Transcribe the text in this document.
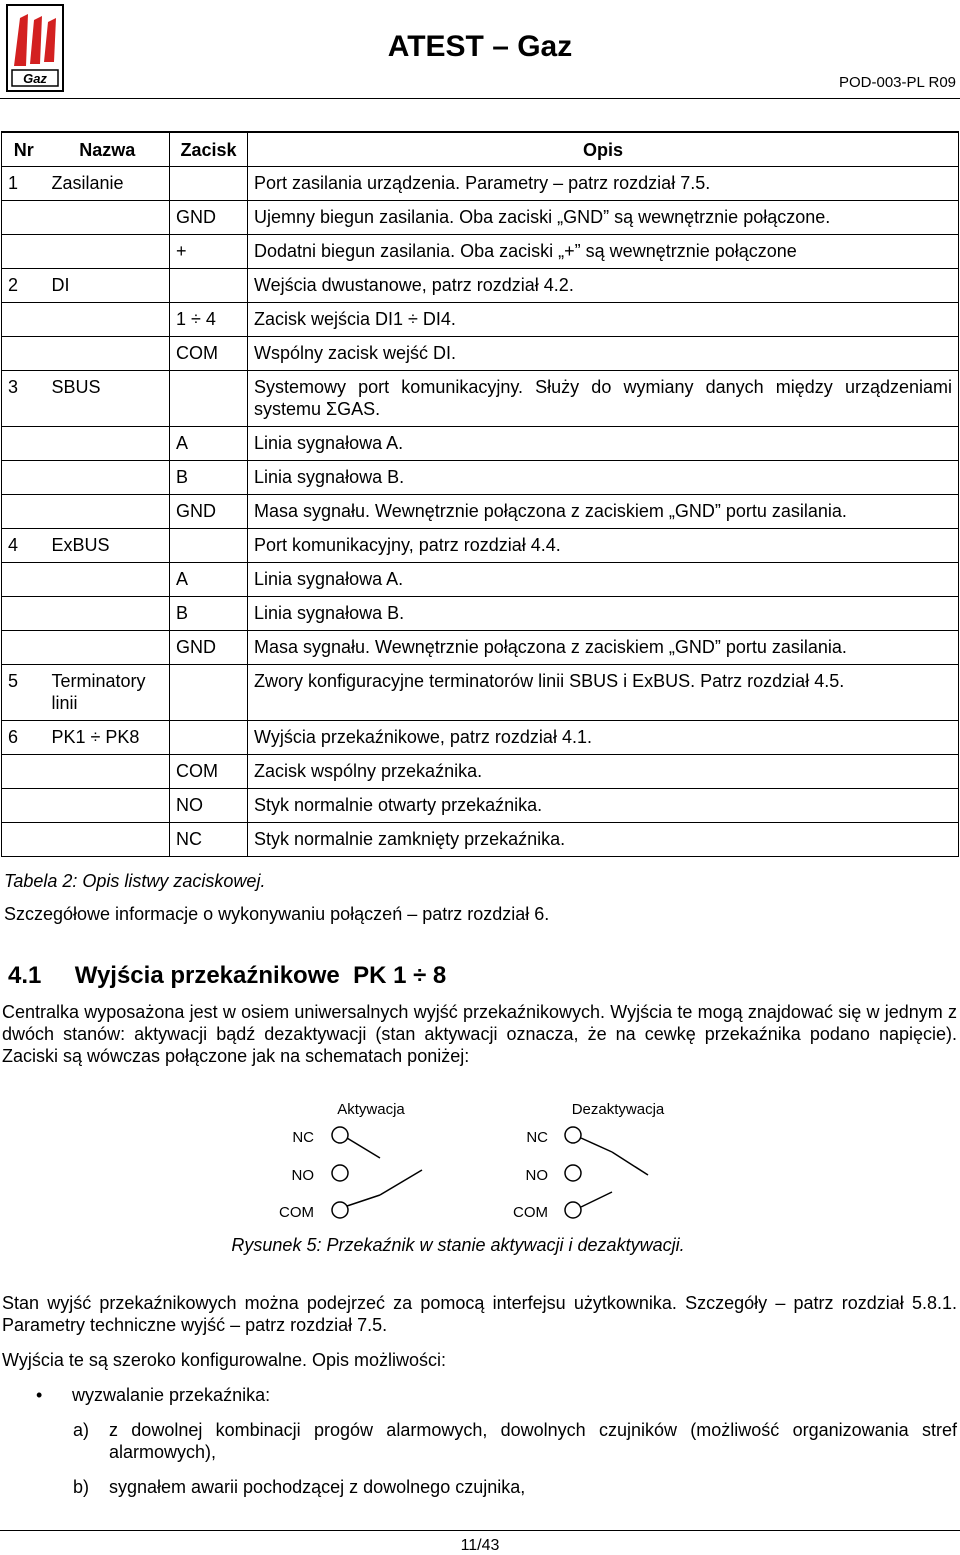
Gaz
ATEST – Gaz
POD-003-PL R09
Nr	Nazwa	Zacisk	Opis
1	Zasilanie		Port zasilania urządzenia. Parametry – patrz rozdział 7.5.
		GND	Ujemny biegun zasilania. Oba zaciski „GND” są wewnętrznie połączone.
		+	Dodatni biegun zasilania. Oba zaciski „+” są wewnętrznie połączone
2	DI		Wejścia dwustanowe, patrz rozdział 4.2.
		1 ÷ 4	Zacisk wejścia DI1 ÷ DI4.
		COM	Wspólny zacisk wejść DI.
3	SBUS		Systemowy port komunikacyjny. Służy do wymiany danych między urządzeniami systemu ΣGAS.
		A	Linia sygnałowa A.
		B	Linia sygnałowa B.
		GND	Masa sygnału. Wewnętrznie połączona z zaciskiem „GND” portu zasilania.
4	ExBUS		Port komunikacyjny, patrz rozdział 4.4.
		A	Linia sygnałowa A.
		B	Linia sygnałowa B.
		GND	Masa sygnału. Wewnętrznie połączona z zaciskiem „GND” portu zasilania.
5	Terminatory linii		Zwory konfiguracyjne terminatorów linii SBUS i ExBUS. Patrz rozdział 4.5.
6	PK1 ÷ PK8		Wyjścia przekaźnikowe, patrz rozdział 4.1.
		COM	Zacisk wspólny przekaźnika.
		NO	Styk normalnie otwarty przekaźnika.
		NC	Styk normalnie zamknięty przekaźnika.
Tabela 2: Opis listwy zaciskowej.
Szczegółowe informacje o wykonywaniu połączeń – patrz rozdział 6.
4.1 Wyjścia przekaźnikowe  PK 1 ÷ 8
Centralka wyposażona jest w osiem uniwersalnych wyjść przekaźnikowych. Wyjścia te mogą znajdować się w jednym z dwóch stanów: aktywacji bądź dezaktywacji (stan aktywacji oznacza, że na cewkę przekaźnika podano napięcie). Zaciski są wówczas połączone jak na schematach poniżej:
Aktywacja	Dezaktywacja
NC
NO
COM
NC
NO
COM
Rysunek 5: Przekaźnik w stanie aktywacji i dezaktywacji.
Stan wyjść przekaźnikowych można podejrzeć za pomocą interfejsu użytkownika. Szczegóły – patrz rozdział 5.8.1. Parametry techniczne wyjść – patrz rozdział 7.5.
Wyjścia te są szeroko konfigurowalne. Opis możliwości:
• wyzwalanie przekaźnika:
a) z dowolnej kombinacji progów alarmowych, dowolnych czujników (możliwość organizowania stref alarmowych),
b) sygnałem awarii pochodzącej z dowolnego czujnika,
11/43
